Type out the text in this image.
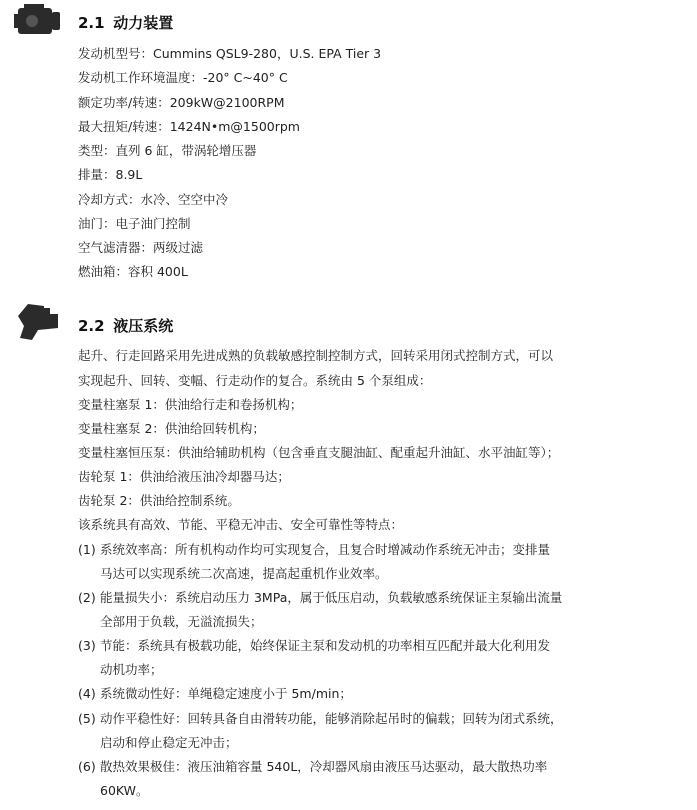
2.1 动力装置
发动机型号：Cummins QSL9-280，U.S. EPA Tier 3
发动机工作环境温度：-20° C~40° C
额定功率/转速：209kW@2100RPM
最大扭矩/转速：1424N•m@1500rpm
类型：直列 6 缸，带涡轮增压器
排量：8.9L
冷却方式：水冷、空空中冷
油门：电子油门控制
空气滤清器：两级过滤
燃油箱：容积 400L
2.2 液压系统
起升、行走回路采用先进成熟的负载敏感控制控制方式，回转采用闭式控制方式，可以
实现起升、回转、变幅、行走动作的复合。系统由 5 个泵组成：
变量柱塞泵 1：供油给行走和卷扬机构；
变量柱塞泵 2：供油给回转机构；
变量柱塞恒压泵：供油给辅助机构（包含垂直支腿油缸、配重起升油缸、水平油缸等）；
齿轮泵 1：供油给液压油冷却器马达；
齿轮泵 2：供油给控制系统。
该系统具有高效、节能、平稳无冲击、安全可靠性等特点：
(1) 系统效率高：所有机构动作均可实现复合，且复合时增减动作系统无冲击；变排量
马达可以实现系统二次高速，提高起重机作业效率。
(2) 能量损失小：系统启动压力 3MPa，属于低压启动，负载敏感系统保证主泵输出流量
全部用于负载，无溢流损失；
(3) 节能：系统具有极载功能，始终保证主泵和发动机的功率相互匹配并最大化利用发
动机功率；
(4) 系统微动性好：单绳稳定速度小于 5m/min；
(5) 动作平稳性好：回转具备自由滑转功能，能够消除起吊时的偏载；回转为闭式系统，
启动和停止稳定无冲击；
(6) 散热效果极佳：液压油箱容量 540L，冷却器风扇由液压马达驱动，最大散热功率
60KW。
